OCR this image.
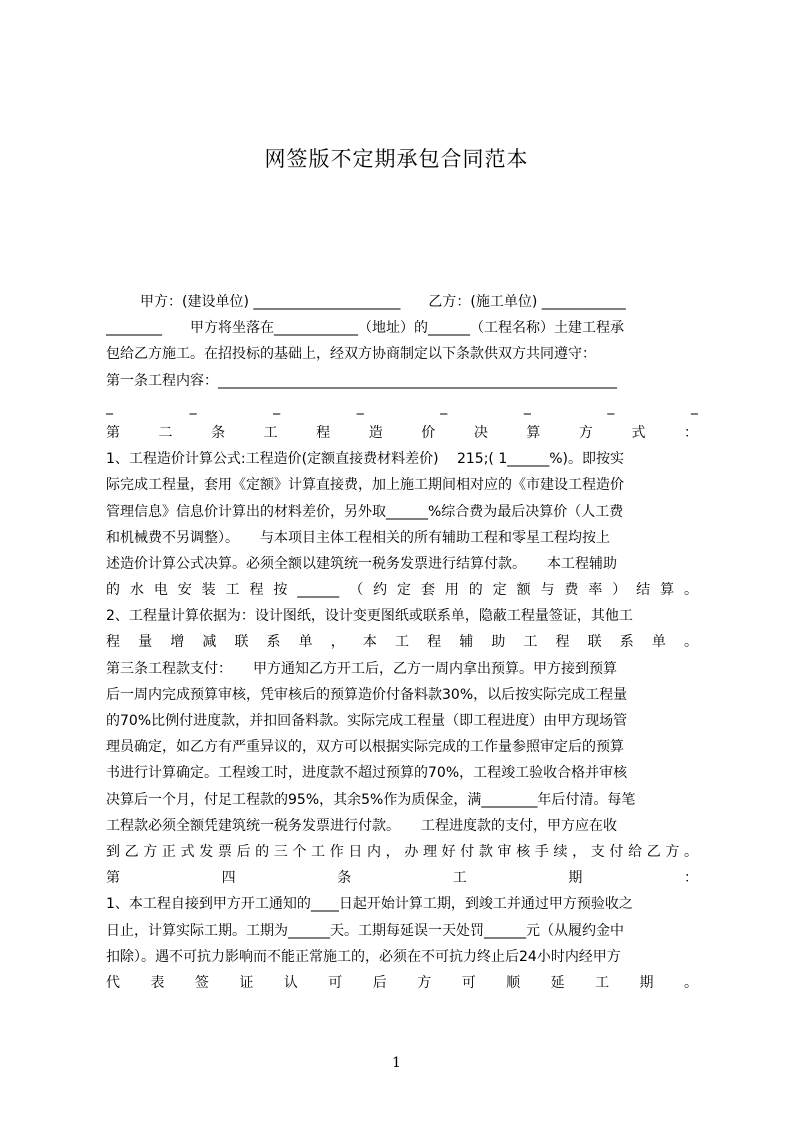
网签版不定期承包合同范本
甲方：(建设单位) _____________________　　乙方：(施工单位) ____________
________　　甲方将坐落在____________（地址）的______（工程名称）土建工程承
包给乙方施工。在招投标的基础上，经双方协商制定以下条款供双方共同遵守：
第一条工程内容：_________________________________________________________
_ _ _ _ _ _ _ _
第 二 条 工 程 造 价 决 算 方 式 ：
1、工程造价计算公式:工程造价(定额直接费材料差价)　 215;( 1______%)。即按实
际完成工程量，套用《定额》计算直接费，加上施工期间相对应的《市建设工程造价
管理信息》信息价计算出的材料差价，另外取______%综合费为最后决算价（人工费
和机械费不另调整）。　　与本项目主体工程相关的所有辅助工程和零星工程均按上
述造价计算公式决算。必须全额以建筑统一税务发票进行结算付款。　　本工程辅助
的水电安装工程按______（约定套用的定额与费率）结算。
2、工程量计算依据为：设计图纸，设计变更图纸或联系单，隐蔽工程量签证，其他工
程 量 增 减 联 系 单 ， 本 工 程 辅 助 工 程 联 系 单 。
第三条工程款支付：　　甲方通知乙方开工后，乙方一周内拿出预算。甲方接到预算
后一周内完成预算审核，凭审核后的预算造价付备料款30%，以后按实际完成工程量
的70%比例付进度款，并扣回备料款。实际完成工程量（即工程进度）由甲方现场管
理员确定，如乙方有严重异议的，双方可以根据实际完成的工作量参照审定后的预算
书进行计算确定。工程竣工时，进度款不超过预算的70%，工程竣工验收合格并审核
决算后一个月，付足工程款的95%，其余5%作为质保金，满________年后付清。每笔
工程款必须全额凭建筑统一税务发票进行付款。　　工程进度款的支付，甲方应在收
到乙方正式发票后的三个工作日内，办理好付款审核手续，支付给乙方。
第 四 条 工 期 ：
1、本工程自接到甲方开工通知的____日起开始计算工期，到竣工并通过甲方预验收之
日止，计算实际工期。工期为______天。工期每延误一天处罚______元（从履约金中
扣除）。遇不可抗力影响而不能正常施工的，必须在不可抗力终止后24小时内经甲方
代 表 签 证 认 可 后 方 可 顺 延 工 期 。
1
